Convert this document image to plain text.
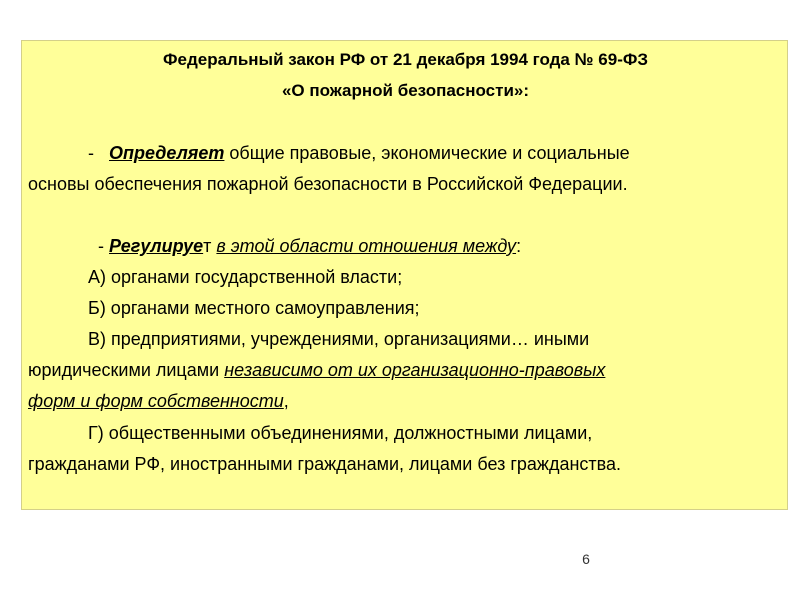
Федеральный закон РФ от 21 декабря 1994 года № 69-ФЗ
«О пожарной безопасности»:
- Определяет общие правовые, экономические и социальные
основы обеспечения пожарной безопасности в Российской Федерации.
- Регулирует в этой области отношения между:
А) органами государственной власти;
Б) органами местного самоуправления;
В) предприятиями, учреждениями, организациями… иными
юридическими лицами независимо от их организационно-правовых
форм и форм собственности,
Г) общественными объединениями, должностными лицами,
гражданами РФ, иностранными гражданами, лицами без гражданства.
6
